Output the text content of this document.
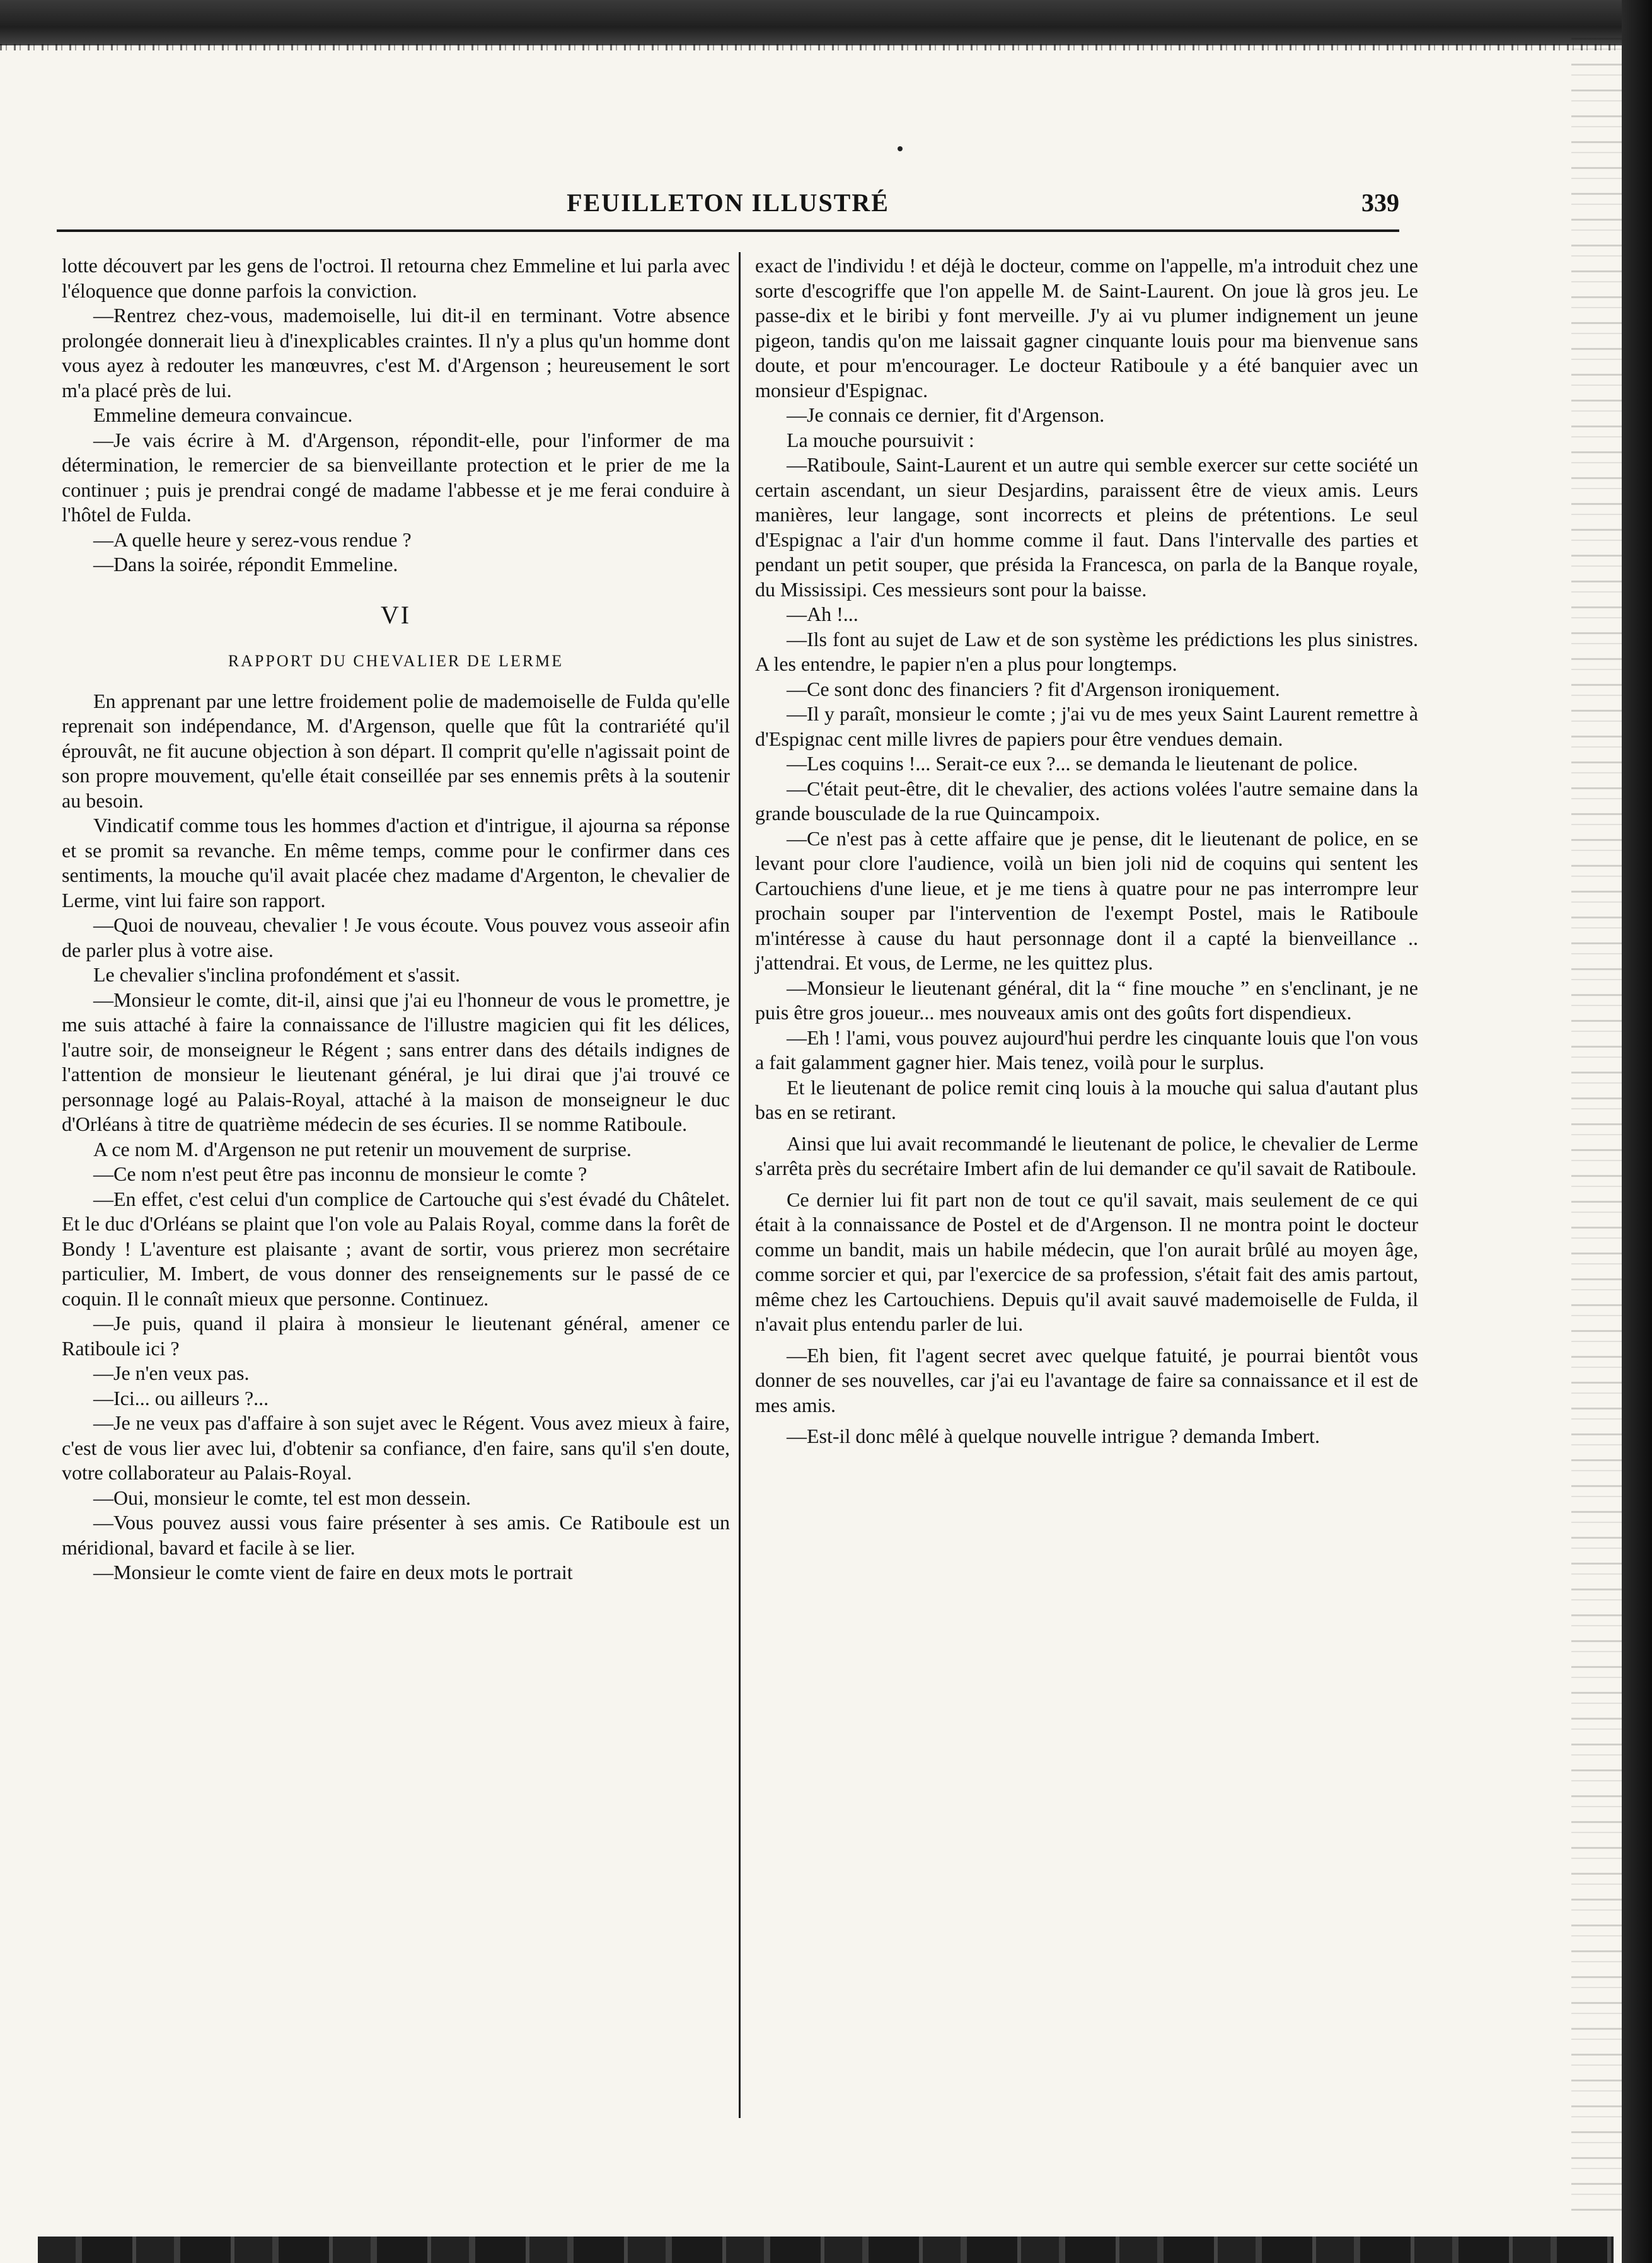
FEUILLETON ILLUSTRÉ	339

lotte découvert par les gens de l'octroi. Il retourna chez Emmeline et lui parla avec l'éloquence que donne parfois la conviction.

—Rentrez chez-vous, mademoiselle, lui dit-il en terminant. Votre absence prolongée donnerait lieu à d'inexplicables craintes. Il n'y a plus qu'un homme dont vous ayez à redouter les manœuvres, c'est M. d'Argenson ; heureusement le sort m'a placé près de lui.

Emmeline demeura convaincue.

—Je vais écrire à M. d'Argenson, répondit-elle, pour l'informer de ma détermination, le remercier de sa bienveillante protection et le prier de me la continuer ; puis je prendrai congé de madame l'abbesse et je me ferai conduire à l'hôtel de Fulda.

—A quelle heure y serez-vous rendue ?

—Dans la soirée, répondit Emmeline.

VI
RAPPORT DU CHEVALIER DE LERME

En apprenant par une lettre froidement polie de mademoiselle de Fulda qu'elle reprenait son indépendance, M. d'Argenson, quelle que fût la contrariété qu'il éprouvât, ne fit aucune objection à son départ. Il comprit qu'elle n'agissait point de son propre mouvement, qu'elle était conseillée par ses ennemis prêts à la soutenir au besoin.

Vindicatif comme tous les hommes d'action et d'intrigue, il ajourna sa réponse et se promit sa revanche. En même temps, comme pour le confirmer dans ces sentiments, la mouche qu'il avait placée chez madame d'Argenton, le chevalier de Lerme, vint lui faire son rapport.

—Quoi de nouveau, chevalier ! Je vous écoute. Vous pouvez vous asseoir afin de parler plus à votre aise.

Le chevalier s'inclina profondément et s'assit.

—Monsieur le comte, dit-il, ainsi que j'ai eu l'honneur de vous le promettre, je me suis attaché à faire la connaissance de l'illustre magicien qui fit les délices, l'autre soir, de monseigneur le Régent ; sans entrer dans des détails indignes de l'attention de monsieur le lieutenant général, je lui dirai que j'ai trouvé ce personnage logé au Palais-Royal, attaché à la maison de monseigneur le duc d'Orléans à titre de quatrième médecin de ses écuries. Il se nomme Ratiboule.

A ce nom M. d'Argenson ne put retenir un mouvement de surprise.

—Ce nom n'est peut être pas inconnu de monsieur le comte ?

—En effet, c'est celui d'un complice de Cartouche qui s'est évadé du Châtelet. Et le duc d'Orléans se plaint que l'on vole au Palais Royal, comme dans la forêt de Bondy ! L'aventure est plaisante ; avant de sortir, vous prierez mon secrétaire particulier, M. Imbert, de vous donner des renseignements sur le passé de ce coquin. Il le connaît mieux que personne. Continuez.

—Je puis, quand il plaira à monsieur le lieutenant général, amener ce Ratiboule ici ?

—Je n'en veux pas.

—Ici... ou ailleurs ?...

—Je ne veux pas d'affaire à son sujet avec le Régent. Vous avez mieux à faire, c'est de vous lier avec lui, d'obtenir sa confiance, d'en faire, sans qu'il s'en doute, votre collaborateur au Palais-Royal.

—Oui, monsieur le comte, tel est mon dessein.

—Vous pouvez aussi vous faire présenter à ses amis. Ce Ratiboule est un méridional, bavard et facile à se lier.

—Monsieur le comte vient de faire en deux mots le portrait

exact de l'individu ! et déjà le docteur, comme on l'appelle, m'a introduit chez une sorte d'escogriffe que l'on appelle M. de Saint-Laurent. On joue là gros jeu. Le passe-dix et le biribi y font merveille. J'y ai vu plumer indignement un jeune pigeon, tandis qu'on me laissait gagner cinquante louis pour ma bienvenue sans doute, et pour m'encourager. Le docteur Ratiboule y a été banquier avec un monsieur d'Espignac.

—Je connais ce dernier, fit d'Argenson.

La mouche poursuivit :

—Ratiboule, Saint-Laurent et un autre qui semble exercer sur cette société un certain ascendant, un sieur Desjardins, paraissent être de vieux amis. Leurs manières, leur langage, sont incorrects et pleins de prétentions. Le seul d'Espignac a l'air d'un homme comme il faut. Dans l'intervalle des parties et pendant un petit souper, que présida la Francesca, on parla de la Banque royale, du Mississipi. Ces messieurs sont pour la baisse.

—Ah !...

—Ils font au sujet de Law et de son système les prédictions les plus sinistres. A les entendre, le papier n'en a plus pour longtemps.

—Ce sont donc des financiers ? fit d'Argenson ironiquement.

—Il y paraît, monsieur le comte ; j'ai vu de mes yeux Saint Laurent remettre à d'Espignac cent mille livres de papiers pour être vendues demain.

—Les coquins !... Serait-ce eux ?... se demanda le lieutenant de police.

—C'était peut-être, dit le chevalier, des actions volées l'autre semaine dans la grande bousculade de la rue Quincampoix.

—Ce n'est pas à cette affaire que je pense, dit le lieutenant de police, en se levant pour clore l'audience, voilà un bien joli nid de coquins qui sentent les Cartouchiens d'une lieue, et je me tiens à quatre pour ne pas interrompre leur prochain souper par l'intervention de l'exempt Postel, mais le Ratiboule m'intéresse à cause du haut personnage dont il a capté la bienveillance .. j'attendrai. Et vous, de Lerme, ne les quittez plus.

—Monsieur le lieutenant général, dit la “ fine mouche ” en s'enclinant, je ne puis être gros joueur... mes nouveaux amis ont des goûts fort dispendieux.

—Eh ! l'ami, vous pouvez aujourd'hui perdre les cinquante louis que l'on vous a fait galamment gagner hier. Mais tenez, voilà pour le surplus.

Et le lieutenant de police remit cinq louis à la mouche qui salua d'autant plus bas en se retirant.

Ainsi que lui avait recommandé le lieutenant de police, le chevalier de Lerme s'arrêta près du secrétaire Imbert afin de lui demander ce qu'il savait de Ratiboule.

Ce dernier lui fit part non de tout ce qu'il savait, mais seulement de ce qui était à la connaissance de Postel et de d'Argenson. Il ne montra point le docteur comme un bandit, mais un habile médecin, que l'on aurait brûlé au moyen âge, comme sorcier et qui, par l'exercice de sa profession, s'était fait des amis partout, même chez les Cartouchiens. Depuis qu'il avait sauvé mademoiselle de Fulda, il n'avait plus entendu parler de lui.

—Eh bien, fit l'agent secret avec quelque fatuité, je pourrai bientôt vous donner de ses nouvelles, car j'ai eu l'avantage de faire sa connaissance et il est de mes amis.

—Est-il donc mêlé à quelque nouvelle intrigue ? demanda Imbert.
